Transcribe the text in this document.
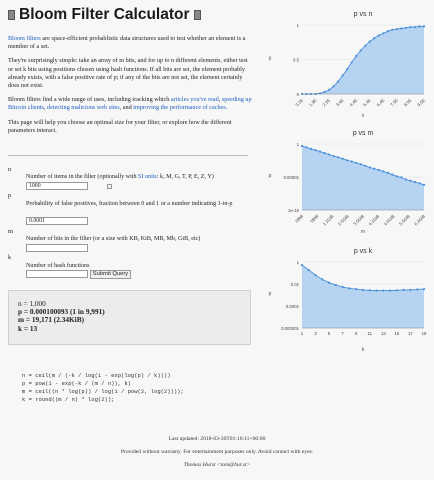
Bloom Filter Calculator

Bloom filters are space-efficient probablistic data structures used to test whether an element is a member of a set.

They're surprisingly simple: take an array of m bits, and for up to n different elements, either test or set k bits using positions chosen using hash functions. If all bits are set, the element probably already exists, with a false positive rate of p; if any of the bits are not set, the element certainly does not exist.

Bloom filters find a wide range of uses, including tracking which articles you've read, speeding up Bitcoin clients, detecting malicious web sites, and improving the performance of caches.

This page will help you choose an optimal size for your filter, or explore how the different parameters interact.

n
Number of items in the filter (optionally with SI units: k, M, G, T, P, E, Z, Y)
1000
p
Probability of false positives, fraction between 0 and 1 or a number indicating 1-in-p
0.0001
m
Number of bits in the filter (or a size with KB, KiB, MB, Mb, GiB, etc)
k
Number of hash functions
Submit Query
n = 1,000
p = 0.000100093 (1 in 9,991)
m = 19,171 (2.34KiB)
k = 13
n = ceil(m / (-k / log(1 - exp(log(p) / k))))
p = pow(1 - exp(-k / (m / n)), k)
m = ceil((n * log(p)) / log(1 / pow(2, log(2))));
k = round((m / n) * log(2));
Last updated: 2018-03-30T01:16:11+00:00
Provided without warranty. For entertainment purposes only. Avoid contact with eyes.
Thomas Hurst <tom@hur.st>
p vs n
p
n
0
0.5
1
3.1E 1.9E 2.3E 3.4E 4.4E 5.4E 6.4E 7.5E 8.5E 9.5E
p vs m
p
m
1e-10
0.00001
1
29Mi 58Mi 1.2GiB 2.5GiB 3.5GiB 4.1GiB 4.6GiB 5.5GiB 6.2GiB
p vs k
p
k
0.000001
0.0001
0.01
1
1	3	5	7	9 11 13 15 17 19
